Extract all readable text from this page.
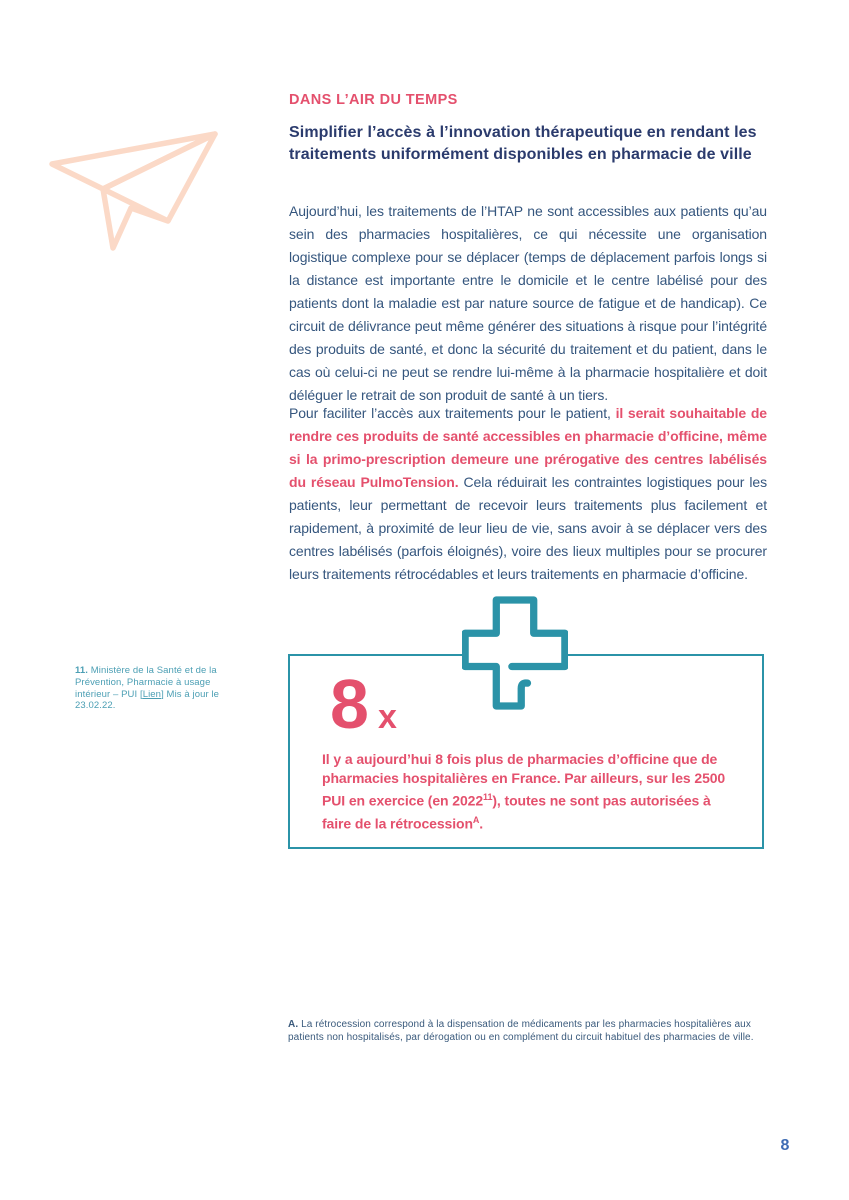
DANS L’AIR DU TEMPS
Simplifier l’accès à l’innovation thérapeutique en rendant les traitements uniformément disponibles en pharmacie de ville

Aujourd’hui, les traitements de l’HTAP ne sont accessibles aux patients qu’au sein des pharmacies hospitalières, ce qui nécessite une organisation logistique complexe pour se déplacer (temps de déplacement parfois longs si la distance est importante entre le domicile et le centre labélisé pour des patients dont la maladie est par nature source de fatigue et de handicap). Ce circuit de délivrance peut même générer des situations à risque pour l’intégrité des produits de santé, et donc la sécurité du traitement et du patient, dans le cas où celui-ci ne peut se rendre lui-même à la pharmacie hospitalière et doit déléguer le retrait de son produit de santé à un tiers.

Pour faciliter l’accès aux traitements pour le patient, il serait souhaitable de rendre ces produits de santé accessibles en pharmacie d’officine, même si la primo-prescription demeure une prérogative des centres labélisés du réseau PulmoTension. Cela réduirait les contraintes logistiques pour les patients, leur permettant de recevoir leurs traitements plus facilement et rapidement, à proximité de leur lieu de vie, sans avoir à se déplacer vers des centres labélisés (parfois éloignés), voire des lieux multiples pour se procurer leurs traitements rétrocédables et leurs traitements en pharmacie d’officine.

11. Ministère de la Santé et de la Prévention, Pharmacie à usage intérieur – PUI [Lien] Mis à jour le 23.02.22.	8 x

Il y a aujourd’hui 8 fois plus de pharmacies d’officine que de pharmacies hospitalières en France. Par ailleurs, sur les 2500 PUI en exercice (en 2022$^{11}$), toutes ne sont pas autorisées à faire de la rétrocession$^A$.

A. La rétrocession correspond à la dispensation de médicaments par les pharmacies hospitalières aux patients non hospitalisés, par dérogation ou en complément du circuit habituel des pharmacies de ville.

8
